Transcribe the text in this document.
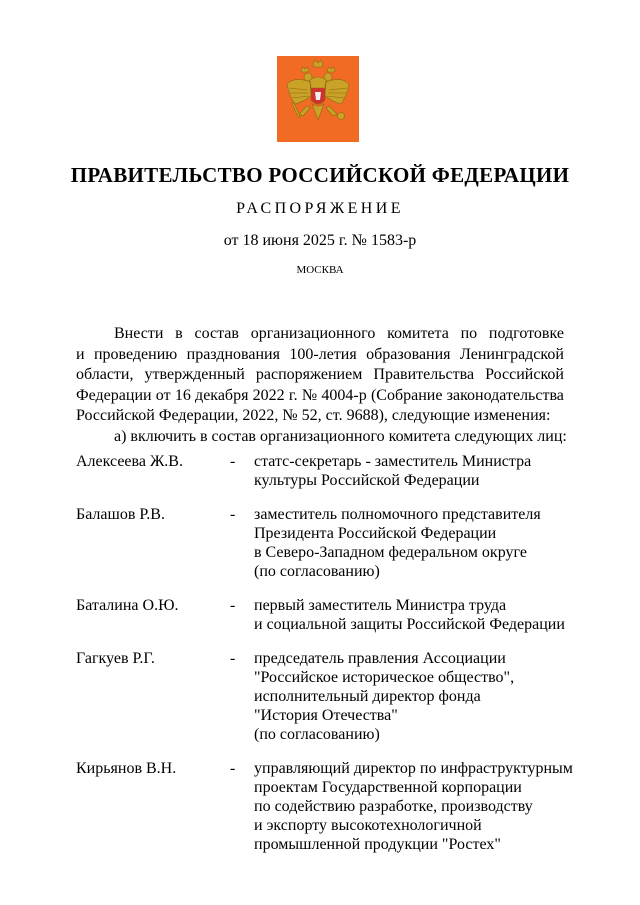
ПРАВИТЕЛЬСТВО РОССИЙСКОЙ ФЕДЕРАЦИИ
РАСПОРЯЖЕНИЕ
от 18 июня 2025 г. № 1583-р
МОСКВА
Внести в состав организационного комитета по подготовке
и проведению празднования 100-летия образования Ленинградской
области, утвержденный распоряжением Правительства Российской
Федерации от 16 декабря 2022 г. № 4004-р (Собрание законодательства
Российской Федерации, 2022, № 52, ст. 9688), следующие изменения:
а) включить в состав организационного комитета следующих лиц:
Алексеева Ж.В.	-	статс-секретарь - заместитель Министра
культуры Российской Федерации
Балашов Р.В.	-	заместитель полномочного представителя
Президента Российской Федерации
в Северо-Западном федеральном округе
(по согласованию)
Баталина О.Ю.	-	первый заместитель Министра труда
и социальной защиты Российской Федерации
Гагкуев Р.Г.	-	председатель правления Ассоциации
"Российское историческое общество",
исполнительный директор фонда
"История Отечества"
(по согласованию)
Кирьянов В.Н.	-	управляющий директор по инфраструктурным
проектам Государственной корпорации
по содействию разработке, производству
и экспорту высокотехнологичной
промышленной продукции "Ростех"
